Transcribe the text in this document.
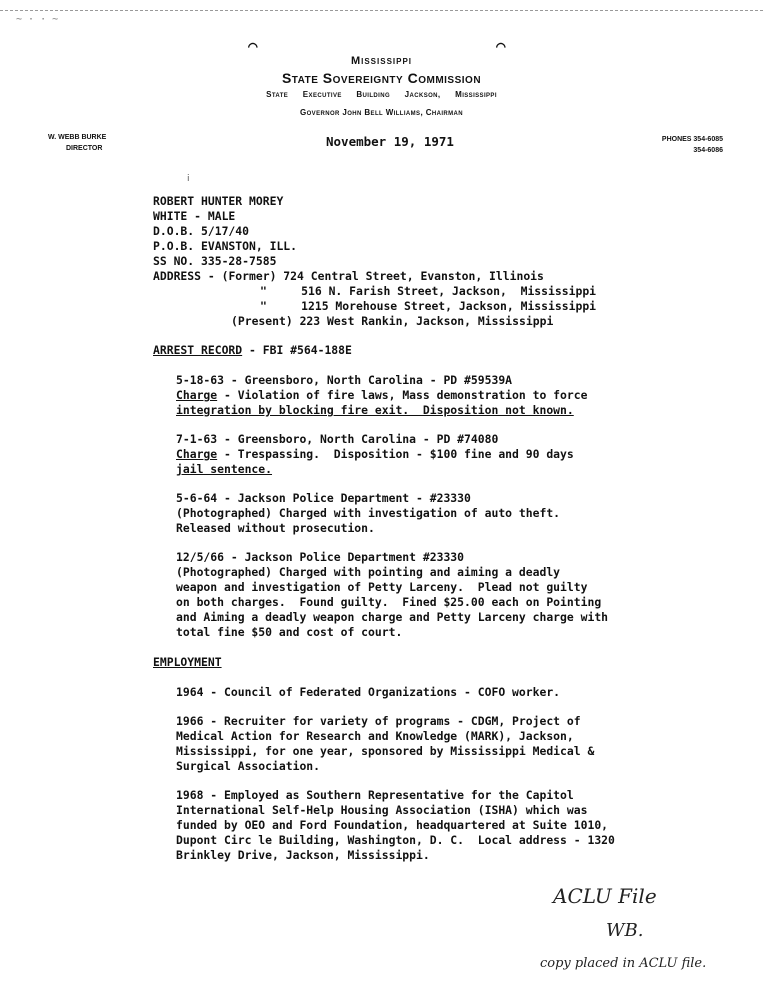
~ · · ~
⌒	⌒
Mississippi
State Sovereignty Commission
State Executive Building Jackson, Mississippi
Governor John Bell Williams, Chairman
W. WEBB BURKE
DIRECTOR
PHONES 354-6085
354-6086
November 19, 1971
ⅰ
ROBERT HUNTER MOREY
WHITE - MALE
D.O.B. 5/17/40
P.O.B. EVANSTON, ILL.
SS NO. 335-28-7585
ADDRESS - (Former) 724 Central Street, Evanston, Illinois
"     516 N. Farish Street, Jackson,  Mississippi
"     1215 Morehouse Street, Jackson, Mississippi
(Present) 223 West Rankin, Jackson, Mississippi
ARREST RECORD - FBI #564-188E
5-18-63 - Greensboro, North Carolina - PD #59539A
Charge - Violation of fire laws, Mass demonstration to force
integration by blocking fire exit.  Disposition not known.
7-1-63 - Greensboro, North Carolina - PD #74080
Charge - Trespassing.  Disposition - $100 fine and 90 days
jail sentence.
5-6-64 - Jackson Police Department - #23330
(Photographed) Charged with investigation of auto theft.
Released without prosecution.
12/5/66 - Jackson Police Department #23330
(Photographed) Charged with pointing and aiming a deadly
weapon and investigation of Petty Larceny.  Plead not guilty
on both charges.  Found guilty.  Fined $25.00 each on Pointing
and Aiming a deadly weapon charge and Petty Larceny charge with
total fine $50 and cost of court.
EMPLOYMENT
1964 - Council of Federated Organizations - COFO worker.
1966 - Recruiter for variety of programs - CDGM, Project of
Medical Action for Research and Knowledge (MARK), Jackson,
Mississippi, for one year, sponsored by Mississippi Medical &
Surgical Association.
1968 - Employed as Southern Representative for the Capitol
International Self-Help Housing Association (ISHA) which was
funded by OEO and Ford Foundation, headquartered at Suite 1010,
Dupont Circ le Building, Washington, D. C.  Local address - 1320
Brinkley Drive, Jackson, Mississippi.
ACLU File
WB.
copy placed in ACLU file.
